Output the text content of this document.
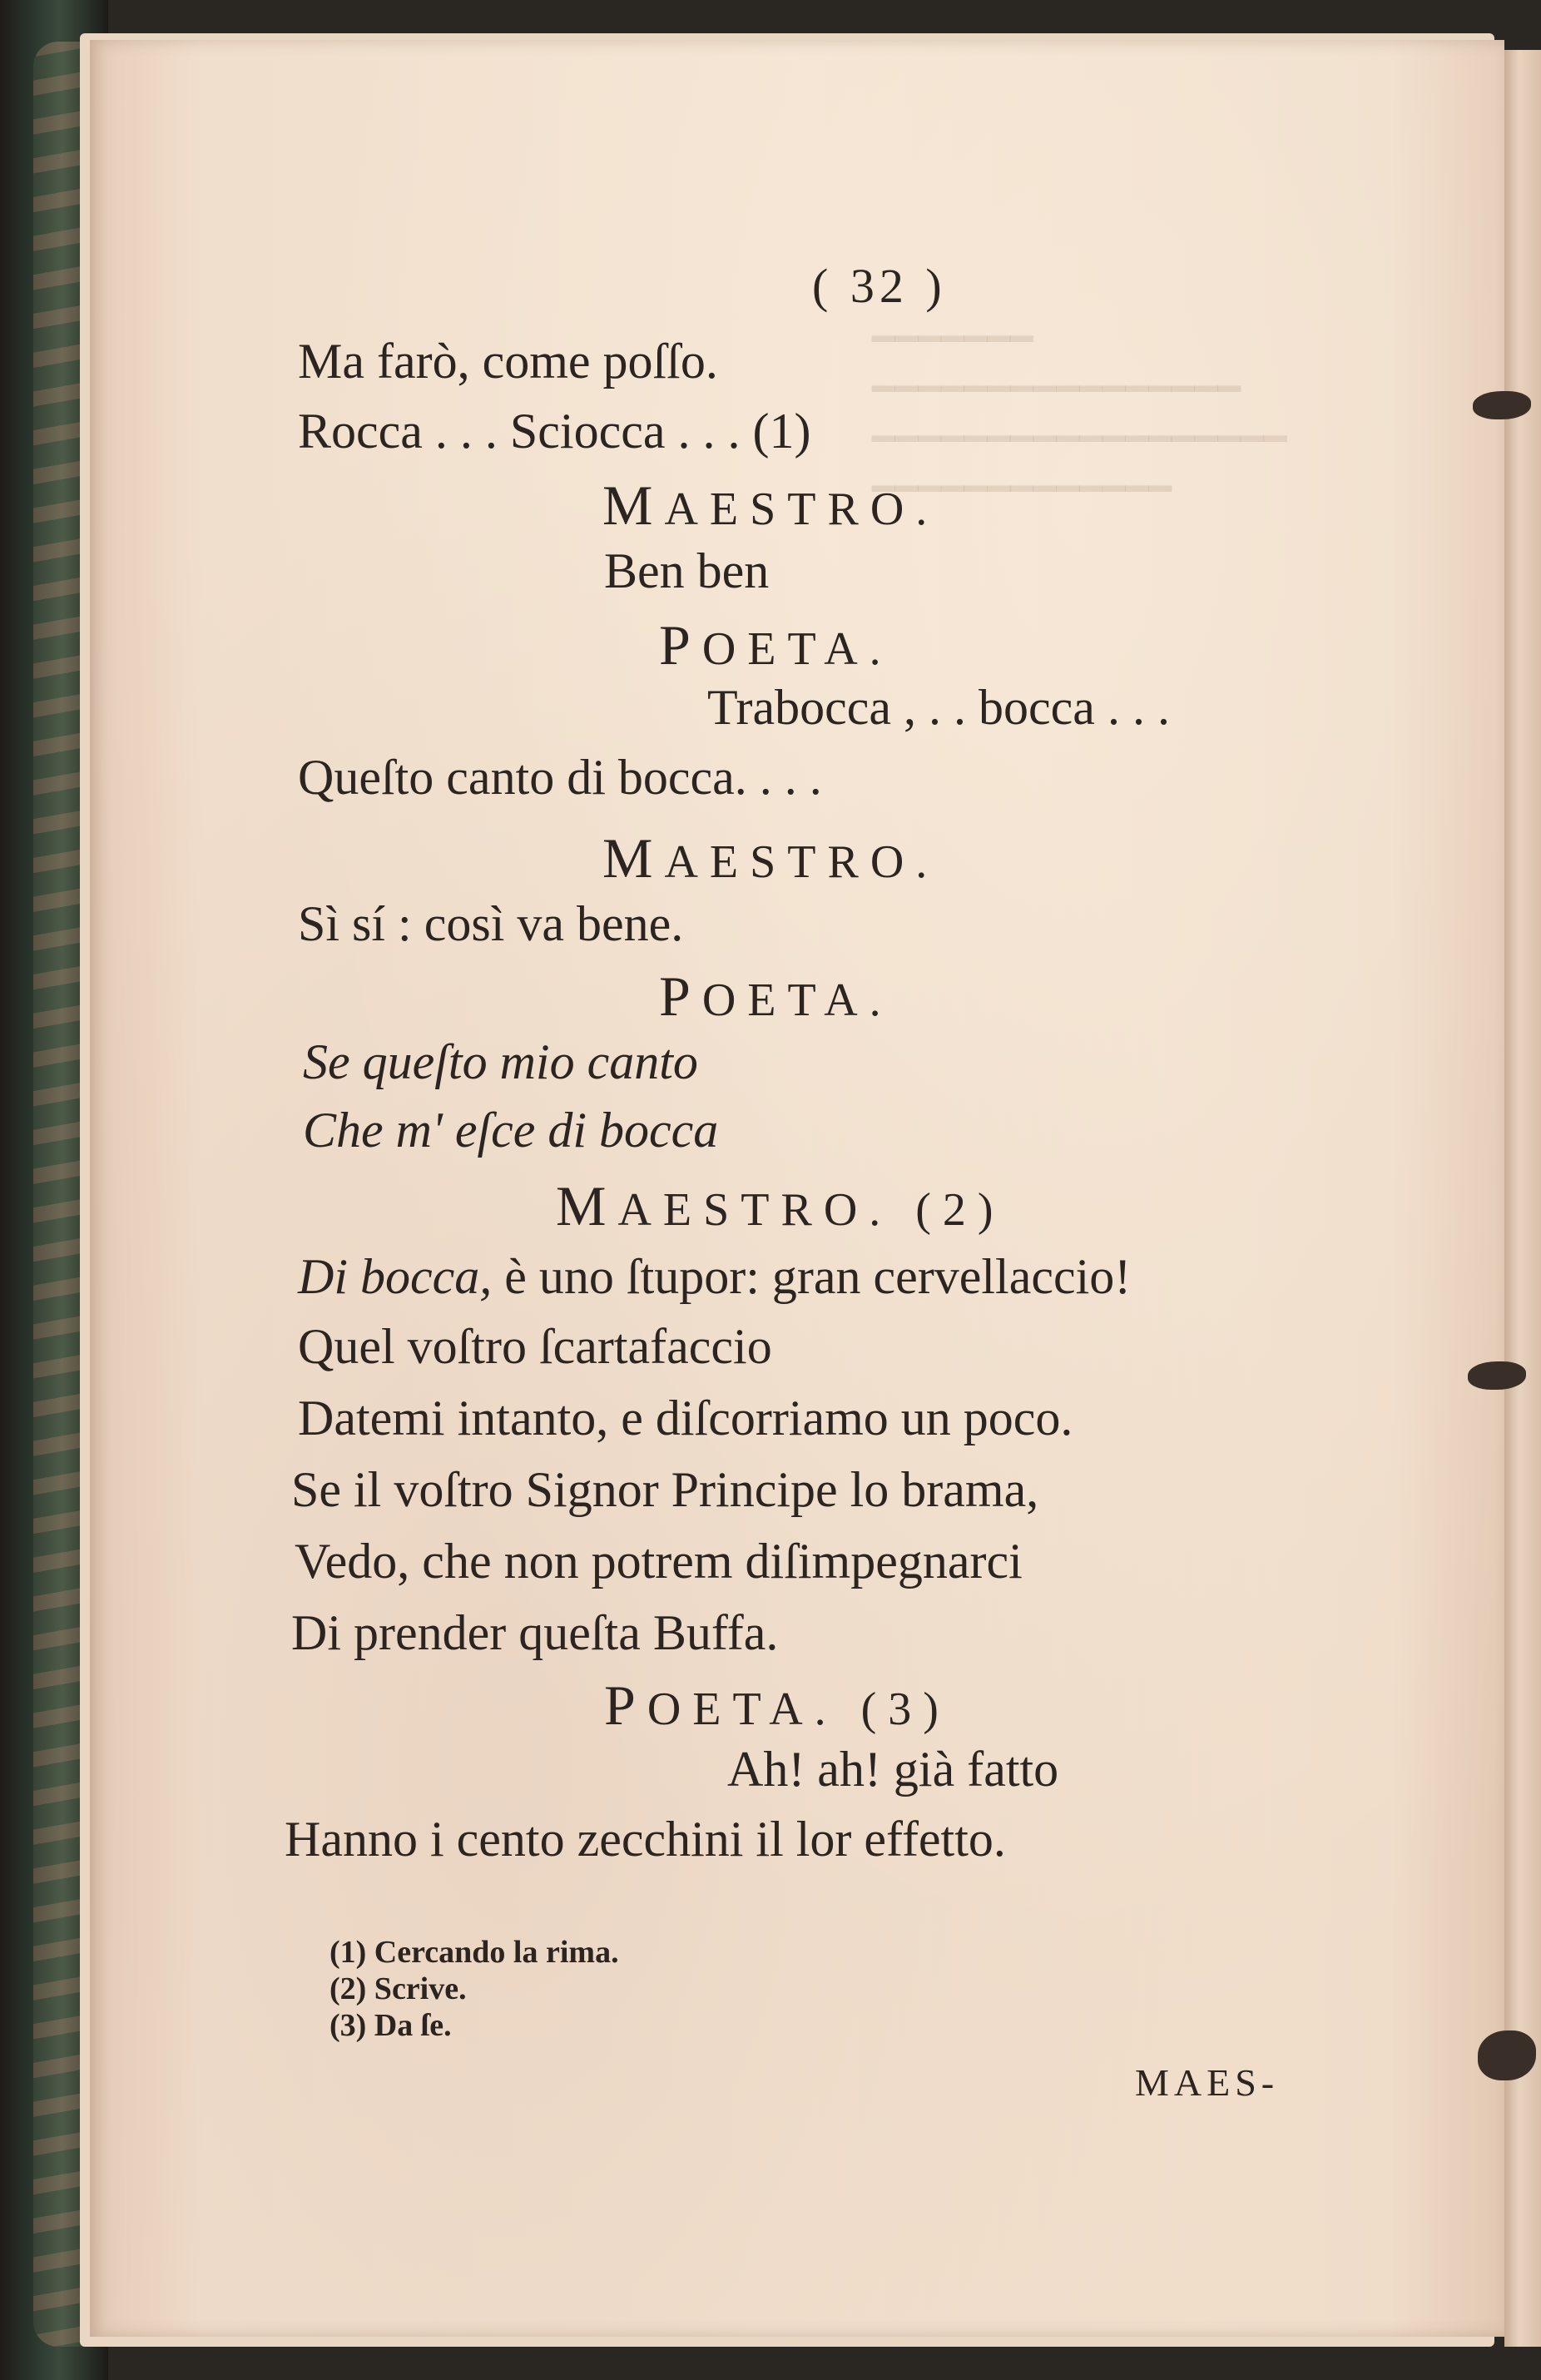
━━━━━━━
━━━━━━━━━━━━━━━━
━━━━━━━━━━━━━━━━━━
━━━━━━━━━━━━━
( 32 )
Ma farò, come poſſo.
Rocca . . . Sciocca . . . (1)
MAESTRO.
Ben ben
POETA.
Trabocca , . . bocca . . .
Queſto canto di bocca. . . .
MAESTRO.
Sì sí : così va bene.
POETA.
Se queſto mio canto
Che m' eſce di bocca
MAESTRO. (2)
Di bocca, è uno ſtupor: gran cervellaccio!
Quel voſtro ſcartafaccio
Datemi intanto, e diſcorriamo un poco.
Se il voſtro Signor Principe lo brama,
Vedo, che non potrem diſimpegnarci
Di prender queſta Buffa.
POETA. (3)
Ah! ah! già fatto
Hanno i cento zecchini il lor effetto.
(1) Cercando la rima.
(2) Scrive.
(3) Da ſe.
MAES-
